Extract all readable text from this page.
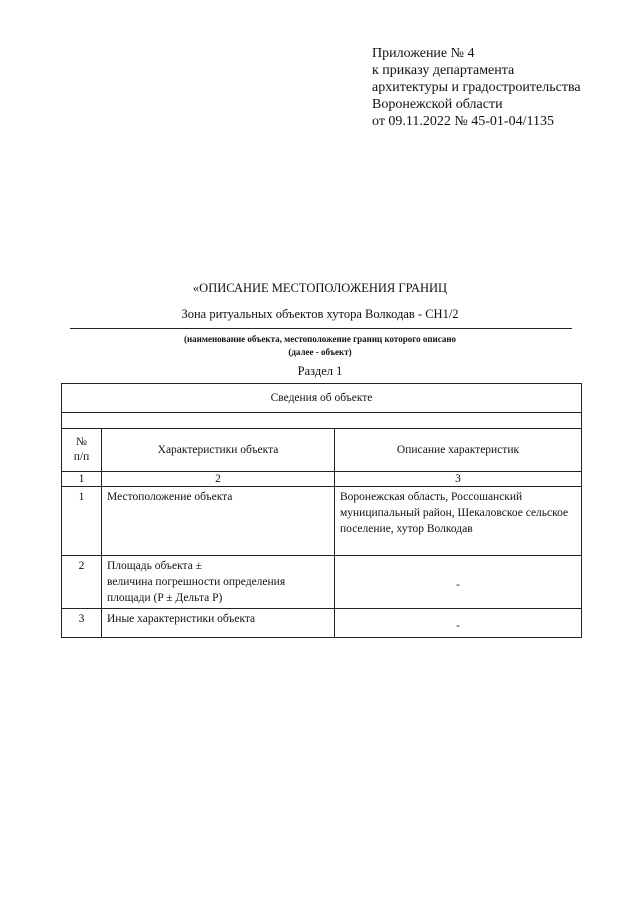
Приложение № 4
к приказу департамента
архитектуры и градостроительства
Воронежской области
от 09.11.2022 № 45-01-04/1135
«ОПИСАНИЕ МЕСТОПОЛОЖЕНИЯ ГРАНИЦ
Зона ритуальных объектов хутора Волкодав - СН1/2
(наименование объекта, местоположение границ которого описано
(далее - объект)
Раздел 1
Сведения об объекте		

№
п/п	Характеристики объекта	Описание характеристик
1	2	3
1	Местоположение объекта	Воронежская область, Россошанский муниципальный район, Шекаловское сельское поселение, хутор Волкодав
2	Площадь объекта ±
величина погрешности определения площади (P ± Дельта P)	-
3	Иные характеристики объекта	-
